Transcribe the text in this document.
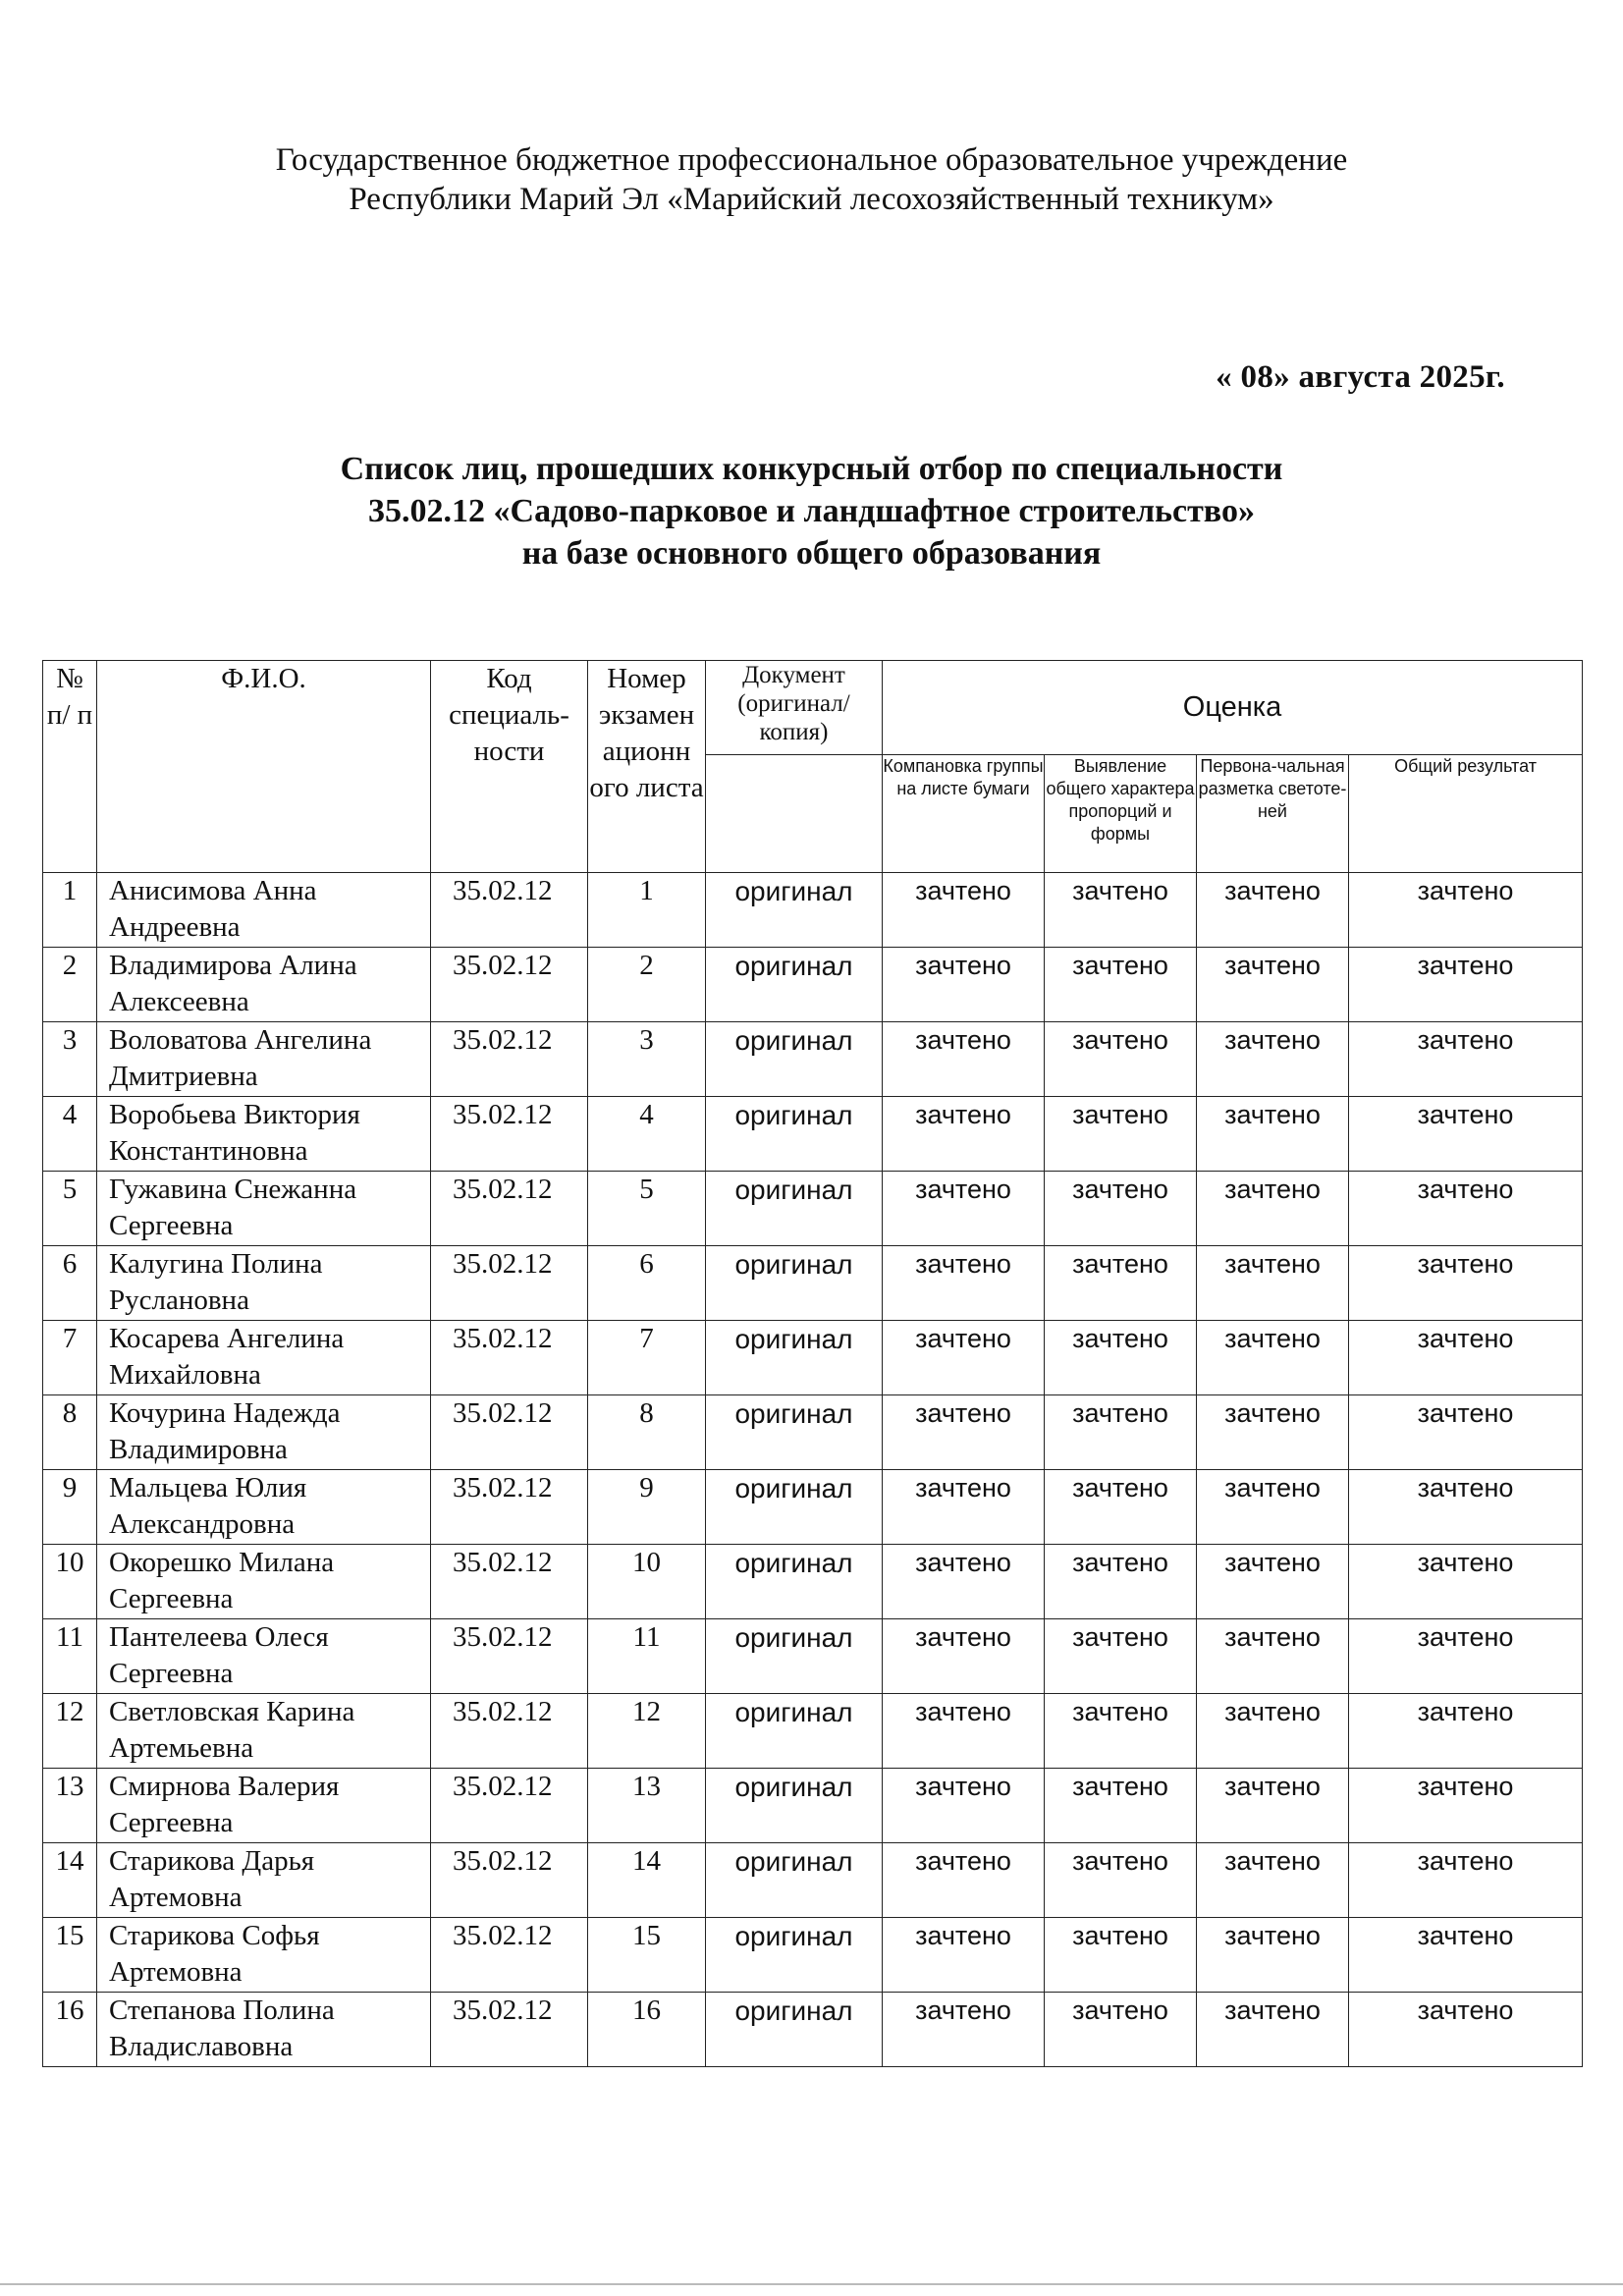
Государственное бюджетное профессиональное образовательное учреждение
Республики Марий Эл «Марийский лесохозяйственный техникум»
« 08» августа 2025г.
Список лиц, прошедших конкурсный отбор по специальности
35.02.12 «Садово-парковое и ландшафтное строительство»
на базе основного общего образования
№ п/ п	Ф.И.О.	Код специаль-ности	Номер экзамен ационн ого листа	Документ (оригинал/ копия)	Оценка			
					Компановка группы на листе бумаги	Выявление общего характера пропорций и формы	Первона-чальная разметка светоте-ней	Общий результат
1	Анисимова Анна Андреевна	35.02.12	1	оригинал	зачтено	зачтено	зачтено	зачтено
2	Владимирова Алина Алексеевна	35.02.12	2	оригинал	зачтено	зачтено	зачтено	зачтено
3	Воловатова Ангелина Дмитриевна	35.02.12	3	оригинал	зачтено	зачтено	зачтено	зачтено
4	Воробьева Виктория Константиновна	35.02.12	4	оригинал	зачтено	зачтено	зачтено	зачтено
5	Гужавина Снежанна Сергеевна	35.02.12	5	оригинал	зачтено	зачтено	зачтено	зачтено
6	Калугина Полина Руслановна	35.02.12	6	оригинал	зачтено	зачтено	зачтено	зачтено
7	Косарева Ангелина Михайловна	35.02.12	7	оригинал	зачтено	зачтено	зачтено	зачтено
8	Кочурина Надежда Владимировна	35.02.12	8	оригинал	зачтено	зачтено	зачтено	зачтено
9	Мальцева Юлия Александровна	35.02.12	9	оригинал	зачтено	зачтено	зачтено	зачтено
10	Окорешко Милана Сергеевна	35.02.12	10	оригинал	зачтено	зачтено	зачтено	зачтено
11	Пантелеева Олеся Сергеевна	35.02.12	11	оригинал	зачтено	зачтено	зачтено	зачтено
12	Светловская Карина Артемьевна	35.02.12	12	оригинал	зачтено	зачтено	зачтено	зачтено
13	Смирнова Валерия Сергеевна	35.02.12	13	оригинал	зачтено	зачтено	зачтено	зачтено
14	Старикова Дарья Артемовна	35.02.12	14	оригинал	зачтено	зачтено	зачтено	зачтено
15	Старикова Софья Артемовна	35.02.12	15	оригинал	зачтено	зачтено	зачтено	зачтено
16	Степанова Полина Владиславовна	35.02.12	16	оригинал	зачтено	зачтено	зачтено	зачтено
